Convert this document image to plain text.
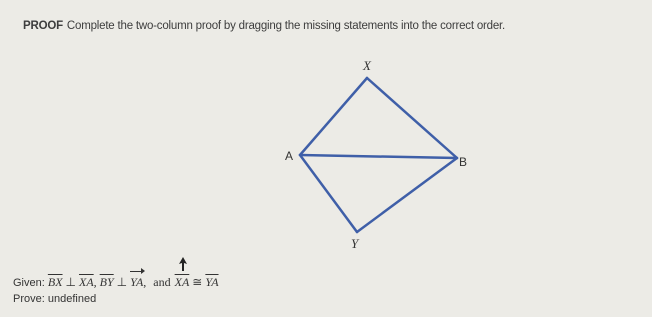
PROOF Complete the two-column proof by dragging the missing statements into the correct order.
X
A	B
Y
Given: $\overline{BX}$ ⊥ $\overline{XA}$, $\overline{BY}$ ⊥ YA, and $\overline{XA}$ ≅ $\overline{YA}$
Prove: undefined
